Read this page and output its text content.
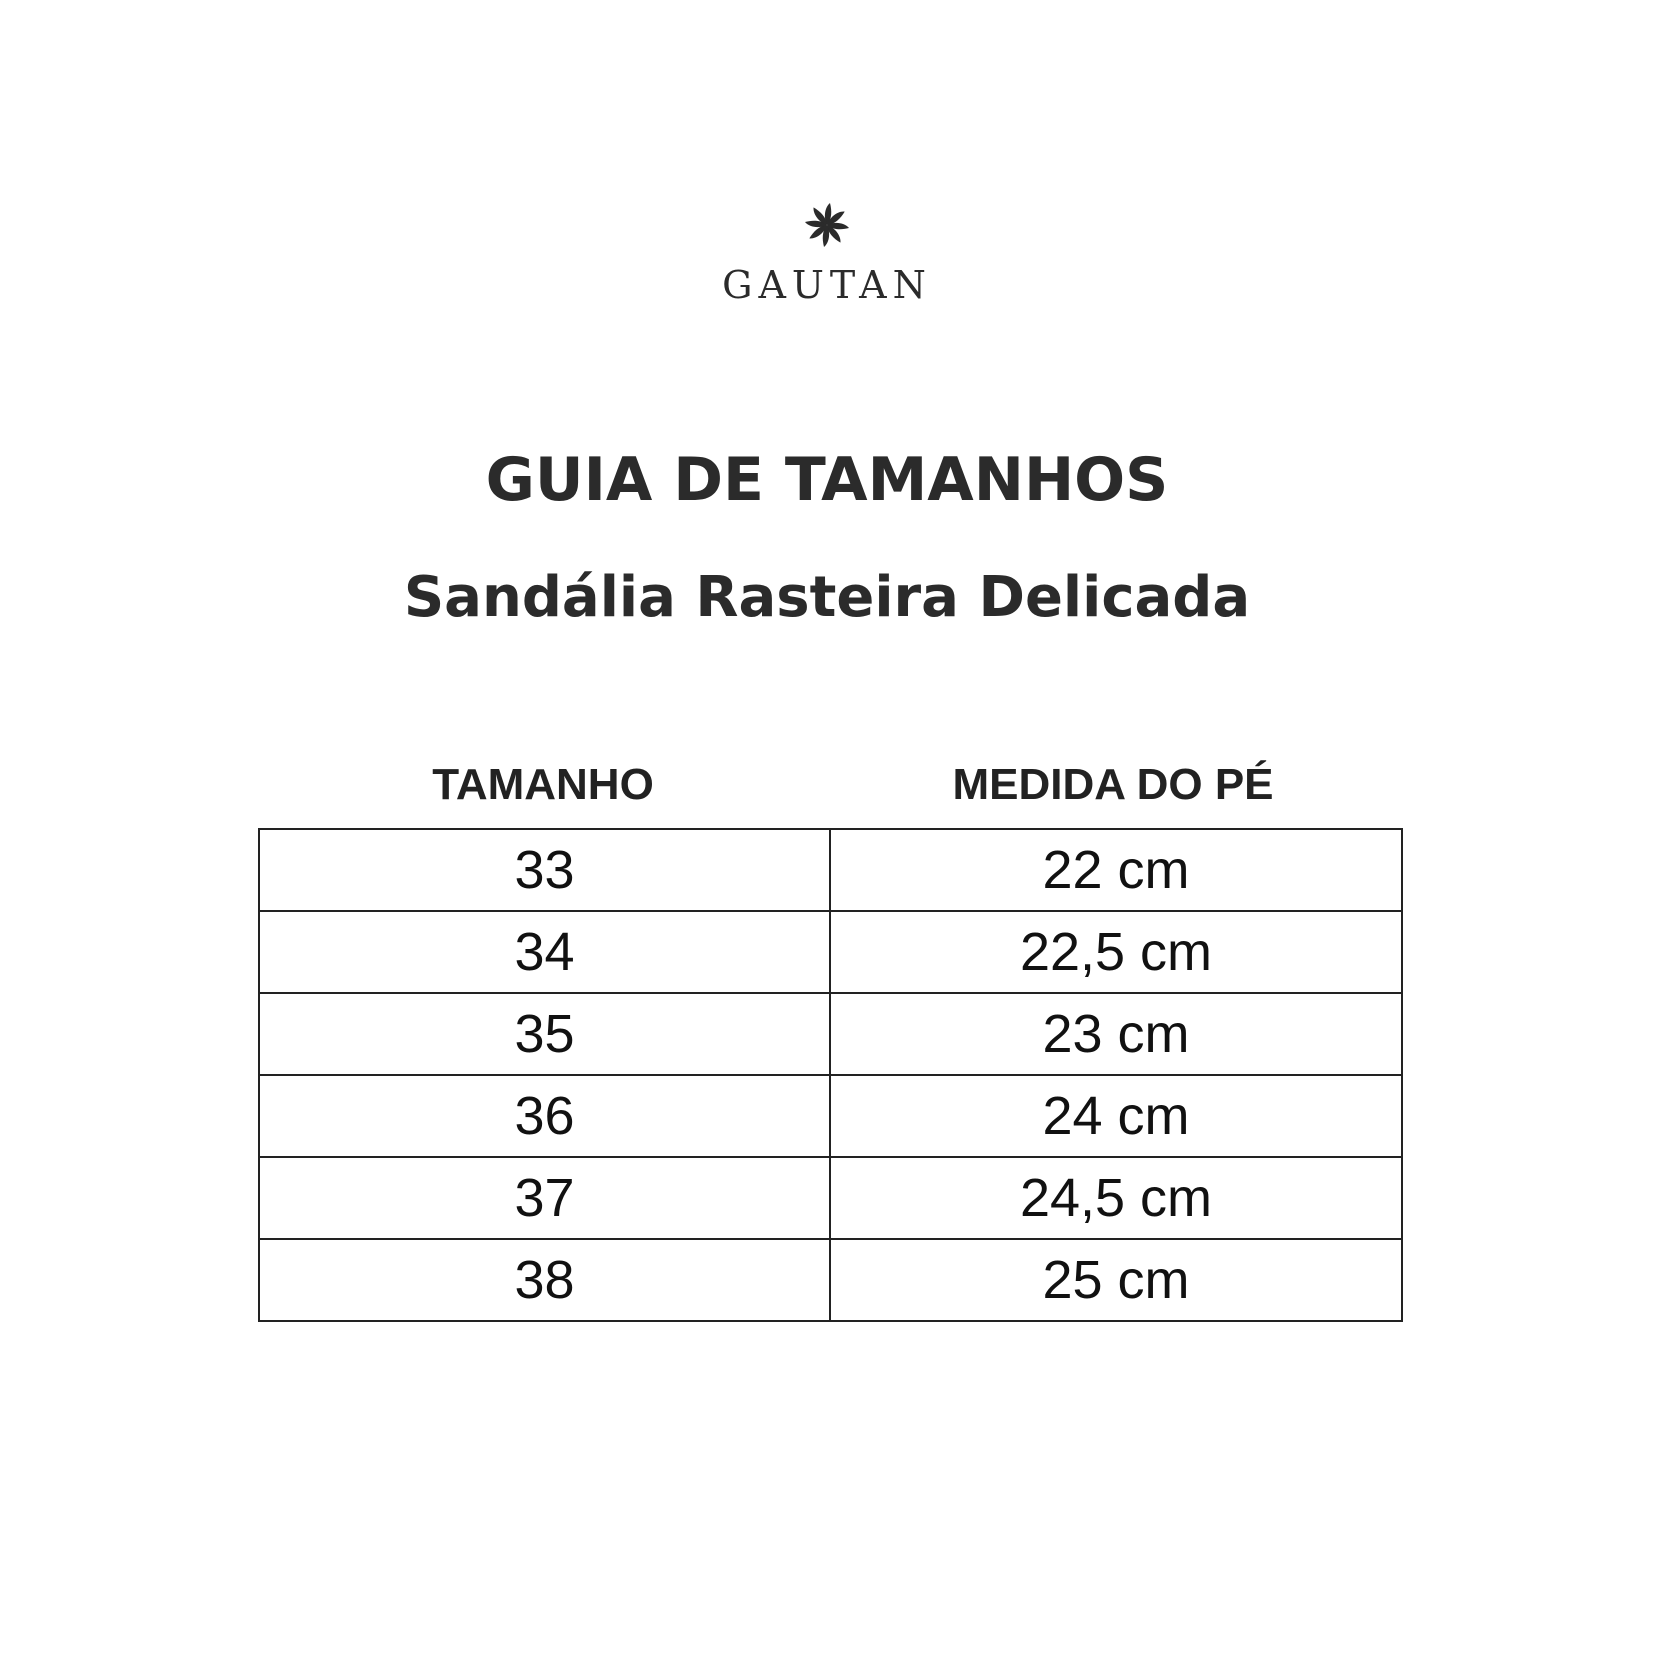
GAUTAN
GUIA DE TAMANHOS
Sandália Rasteira Delicada
TAMANHO	MEDIDA DO PÉ
33	22 cm
34	22,5 cm
35	23 cm
36	24 cm
37	24,5 cm
38	25 cm
